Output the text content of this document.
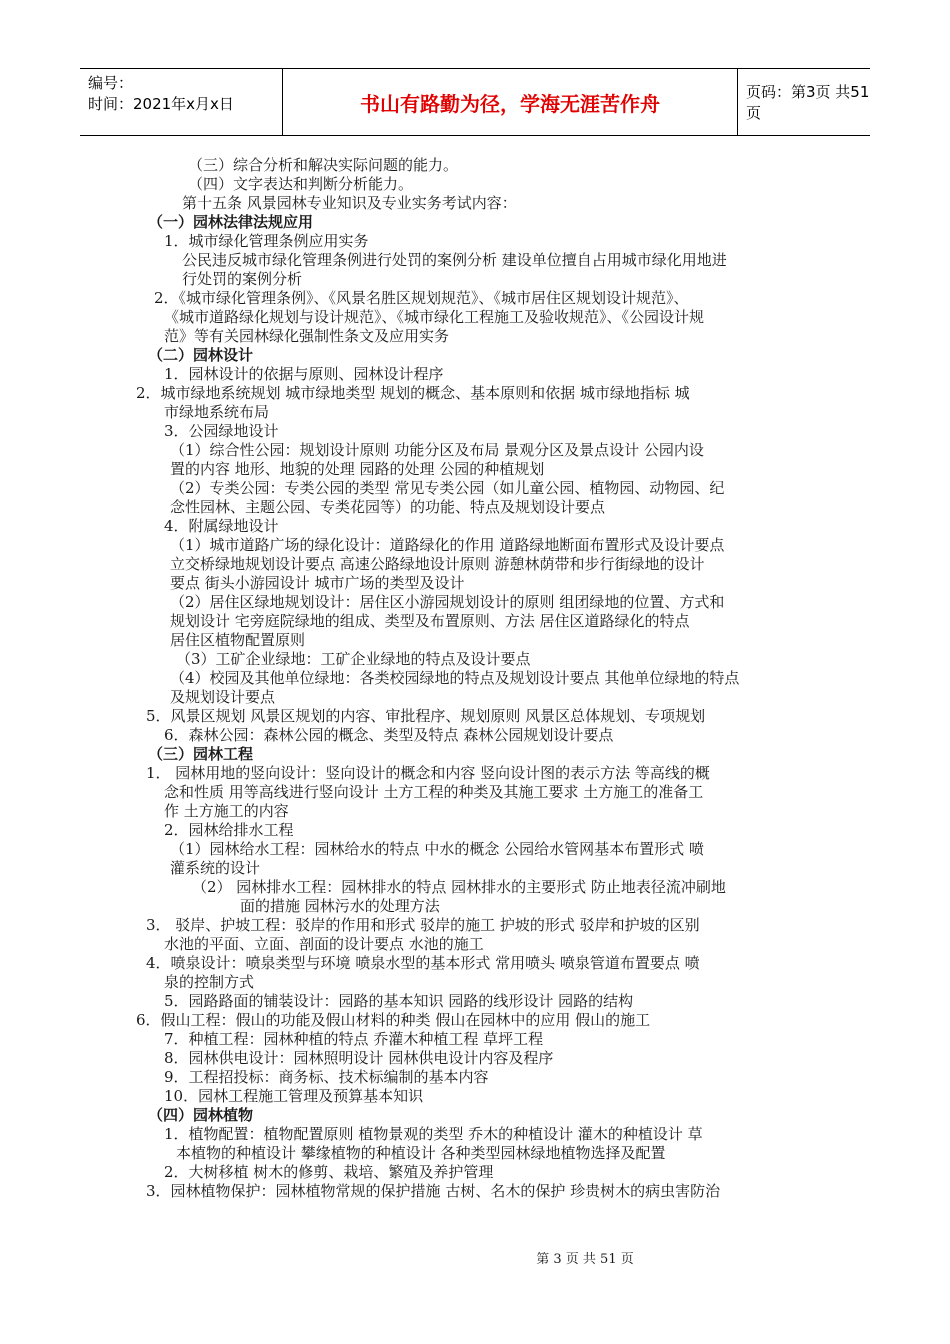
编号：
时间：2021年x月x日	书山有路勤为径，学海无涯苦作舟	页码：第3页 共51页
（三）综合分析和解决实际问题的能力。
（四）文字表达和判断分析能力。
第十五条 风景园林专业知识及专业实务考试内容：
（一）园林法律法规应用
1．城市绿化管理条例应用实务
公民违反城市绿化管理条例进行处罚的案例分析 建设单位擅自占用城市绿化用地进
行处罚的案例分析
2．《城市绿化管理条例》、《风景名胜区规划规范》、《城市居住区规划设计规范》、
《城市道路绿化规划与设计规范》、《城市绿化工程施工及验收规范》、《公园设计规
范》等有关园林绿化强制性条文及应用实务
（二）园林设计
1．园林设计的依据与原则、园林设计程序
2．城市绿地系统规划 城市绿地类型 规划的概念、基本原则和依据 城市绿地指标 城
市绿地系统布局
3．公园绿地设计
（1）综合性公园：规划设计原则 功能分区及布局 景观分区及景点设计 公园内设
置的内容 地形、地貌的处理 园路的处理 公园的种植规划
（2）专类公园：专类公园的类型 常见专类公园（如儿童公园、植物园、动物园、纪
念性园林、主题公园、专类花园等）的功能、特点及规划设计要点
4．附属绿地设计
（1）城市道路广场的绿化设计：道路绿化的作用 道路绿地断面布置形式及设计要点
立交桥绿地规划设计要点 高速公路绿地设计原则 游憩林荫带和步行街绿地的设计
要点 街头小游园设计 城市广场的类型及设计
（2）居住区绿地规划设计：居住区小游园规划设计的原则 组团绿地的位置、方式和
规划设计 宅旁庭院绿地的组成、类型及布置原则、方法 居住区道路绿化的特点
居住区植物配置原则
（3）工矿企业绿地：工矿企业绿地的特点及设计要点
（4）校园及其他单位绿地：各类校园绿地的特点及规划设计要点 其他单位绿地的特点
及规划设计要点
5．风景区规划 风景区规划的内容、审批程序、规划原则 风景区总体规划、专项规划
6．森林公园：森林公园的概念、类型及特点 森林公园规划设计要点
（三）园林工程
1． 园林用地的竖向设计：竖向设计的概念和内容 竖向设计图的表示方法 等高线的概
念和性质 用等高线进行竖向设计 土方工程的种类及其施工要求 土方施工的准备工
作 土方施工的内容
2．园林给排水工程
（1）园林给水工程：园林给水的特点 中水的概念 公园给水管网基本布置形式 喷
灌系统的设计
（2） 园林排水工程：园林排水的特点 园林排水的主要形式 防止地表径流冲刷地
面的措施 园林污水的处理方法
3． 驳岸、护坡工程：驳岸的作用和形式 驳岸的施工 护坡的形式 驳岸和护坡的区别
水池的平面、立面、剖面的设计要点 水池的施工
4．喷泉设计：喷泉类型与环境 喷泉水型的基本形式 常用喷头 喷泉管道布置要点 喷
泉的控制方式
5．园路路面的铺装设计：园路的基本知识 园路的线形设计 园路的结构
6．假山工程：假山的功能及假山材料的种类 假山在园林中的应用 假山的施工
7．种植工程：园林种植的特点 乔灌木种植工程 草坪工程
8．园林供电设计：园林照明设计 园林供电设计内容及程序
9．工程招投标：商务标、技术标编制的基本内容
10．园林工程施工管理及预算基本知识
（四）园林植物
1．植物配置：植物配置原则 植物景观的类型 乔木的种植设计 灌木的种植设计 草
本植物的种植设计 攀缘植物的种植设计 各种类型园林绿地植物选择及配置
2．大树移植 树木的修剪、栽培、繁殖及养护管理
3．园林植物保护：园林植物常规的保护措施 古树、名木的保护 珍贵树木的病虫害防治
第 3 页 共 51 页
